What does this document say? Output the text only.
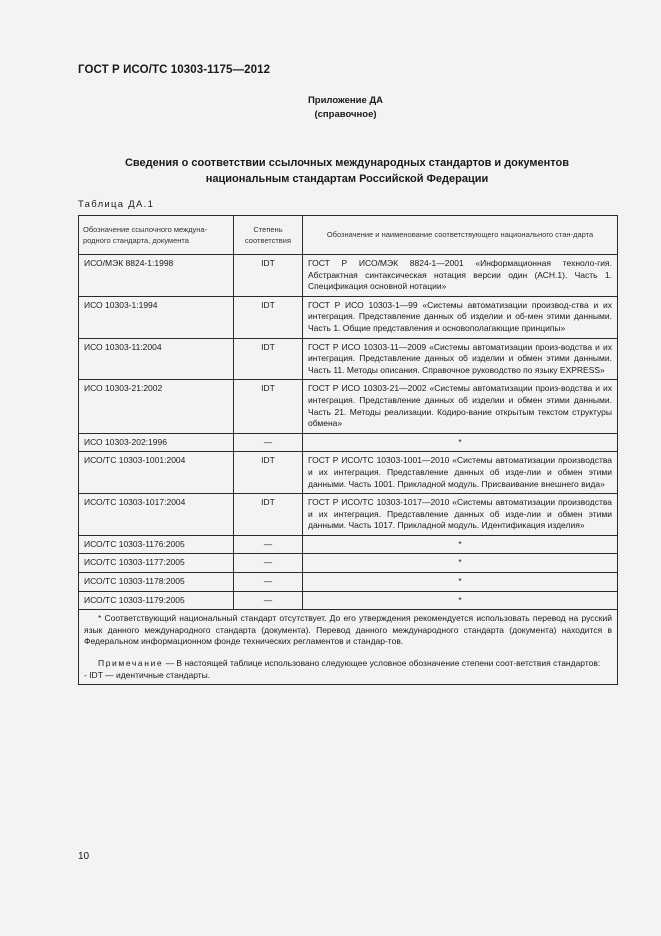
ГОСТ Р ИСО/ТС 10303-1175—2012
Приложение ДА
(справочное)
Сведения о соответствии ссылочных международных стандартов и документов
национальным стандартам Российской Федерации
Таблица ДА.1
Обозначение ссылочного междуна-родного стандарта, документа	Степень соответствия	Обозначение и наименование соответствующего национального стан-дарта
ИСО/МЭК 8824-1:1998	IDT	ГОСТ Р ИСО/МЭК 8824-1—2001 «Информационная техноло-гия. Абстрактная синтаксическая нотация версии один (АСН.1). Часть 1. Спецификация основной нотации»
ИСО 10303-1:1994	IDT	ГОСТ Р ИСО 10303-1—99 «Системы автоматизации производ-ства и их интеграция. Представление данных об изделии и об-мен этими данными. Часть 1. Общие представления и основополагающие принципы»
ИСО 10303-11:2004	IDT	ГОСТ Р ИСО 10303-11—2009 «Системы автоматизации произ-водства и их интеграция. Представление данных об изделии и обмен этими данными. Часть 11. Методы описания. Справочное руководство по языку EXPRESS»
ИСО 10303-21:2002	IDT	ГОСТ Р ИСО 10303-21—2002 «Системы автоматизации произ-водства и их интеграция. Представление данных об изделии и обмен этими данными. Часть 21. Методы реализации. Кодиро-вание открытым текстом структуры обмена»
ИСО 10303-202:1996	—	*
ИСО/ТС 10303-1001:2004	IDT	ГОСТ Р ИСО/ТС 10303-1001—2010 «Системы автоматизации производства и их интеграция. Представление данных об изде-лии и обмен этими данными. Часть 1001. Прикладной модуль. Присваивание внешнего вида»
ИСО/ТС 10303-1017:2004	IDT	ГОСТ Р ИСО/ТС 10303-1017—2010 «Системы автоматизации производства и их интеграция. Представление данных об изде-лии и обмен этими данными. Часть 1017. Прикладной модуль. Идентификация изделия»
ИСО/ТС 10303-1176:2005	—	*
ИСО/ТС 10303-1177:2005	—	*
ИСО/ТС 10303-1178:2005	—	*
ИСО/ТС 10303-1179:2005	—	*

* Соответствующий национальный стандарт отсутствует. До его утверждения рекомендуется использовать перевод на русский язык данного международного стандарта (документа). Перевод данного международного стандарта (документа) находится в Федеральном информационном фонде технических регламентов и стандар-тов.

Примечание — В настоящей таблице использовано следующее условное обозначение степени соот-ветствия стандартов:

- IDT — идентичные стандарты.		

10
